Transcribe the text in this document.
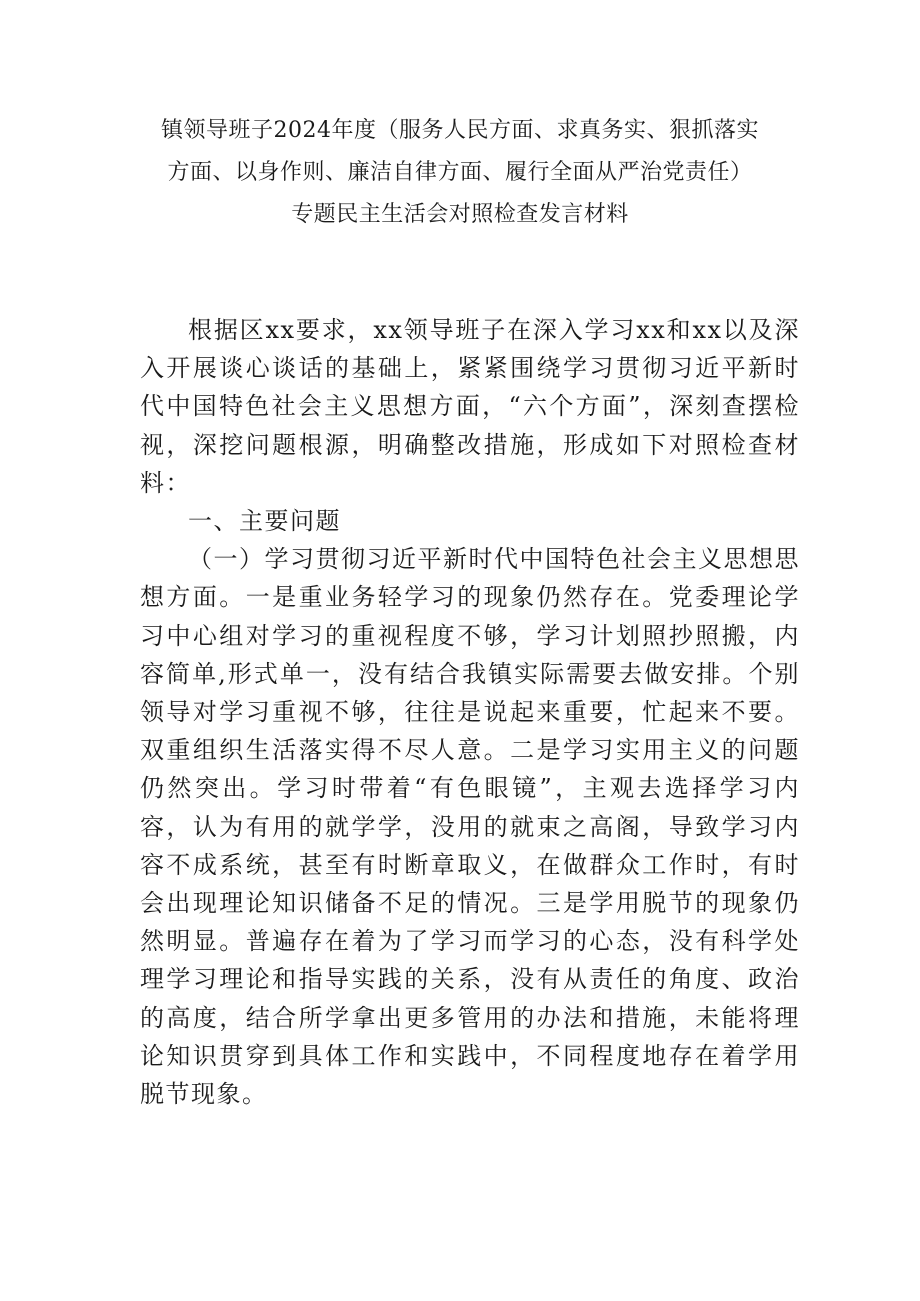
镇领导班子2024年度（服务人民方面、求真务实、狠抓落实
方面、以身作则、廉洁自律方面、履行全面从严治党责任）
专题民主生活会对照检查发言材料

根据区xx要求，xx领导班子在深入学习xx和xx以及深入开展谈心谈话的基础上，紧紧围绕学习贯彻习近平新时代中国特色社会主义思想方面，“六个方面”，深刻查摆检视，深挖问题根源，明确整改措施，形成如下对照检查材料：

一、主要问题

（一）学习贯彻习近平新时代中国特色社会主义思想思想方面。一是重业务轻学习的现象仍然存在。党委理论学习中心组对学习的重视程度不够，学习计划照抄照搬，内容简单,形式单一，没有结合我镇实际需要去做安排。个别领导对学习重视不够，往往是说起来重要，忙起来不要。双重组织生活落实得不尽人意。二是学习实用主义的问题仍然突出。学习时带着“有色眼镜”，主观去选择学习内容，认为有用的就学学，没用的就束之高阁，导致学习内容不成系统，甚至有时断章取义，在做群众工作时，有时会出现理论知识储备不足的情况。三是学用脱节的现象仍然明显。普遍存在着为了学习而学习的心态，没有科学处理学习理论和指导实践的关系，没有从责任的角度、政治的高度，结合所学拿出更多管用的办法和措施，未能将理论知识贯穿到具体工作和实践中，不同程度地存在着学用脱节现象。
